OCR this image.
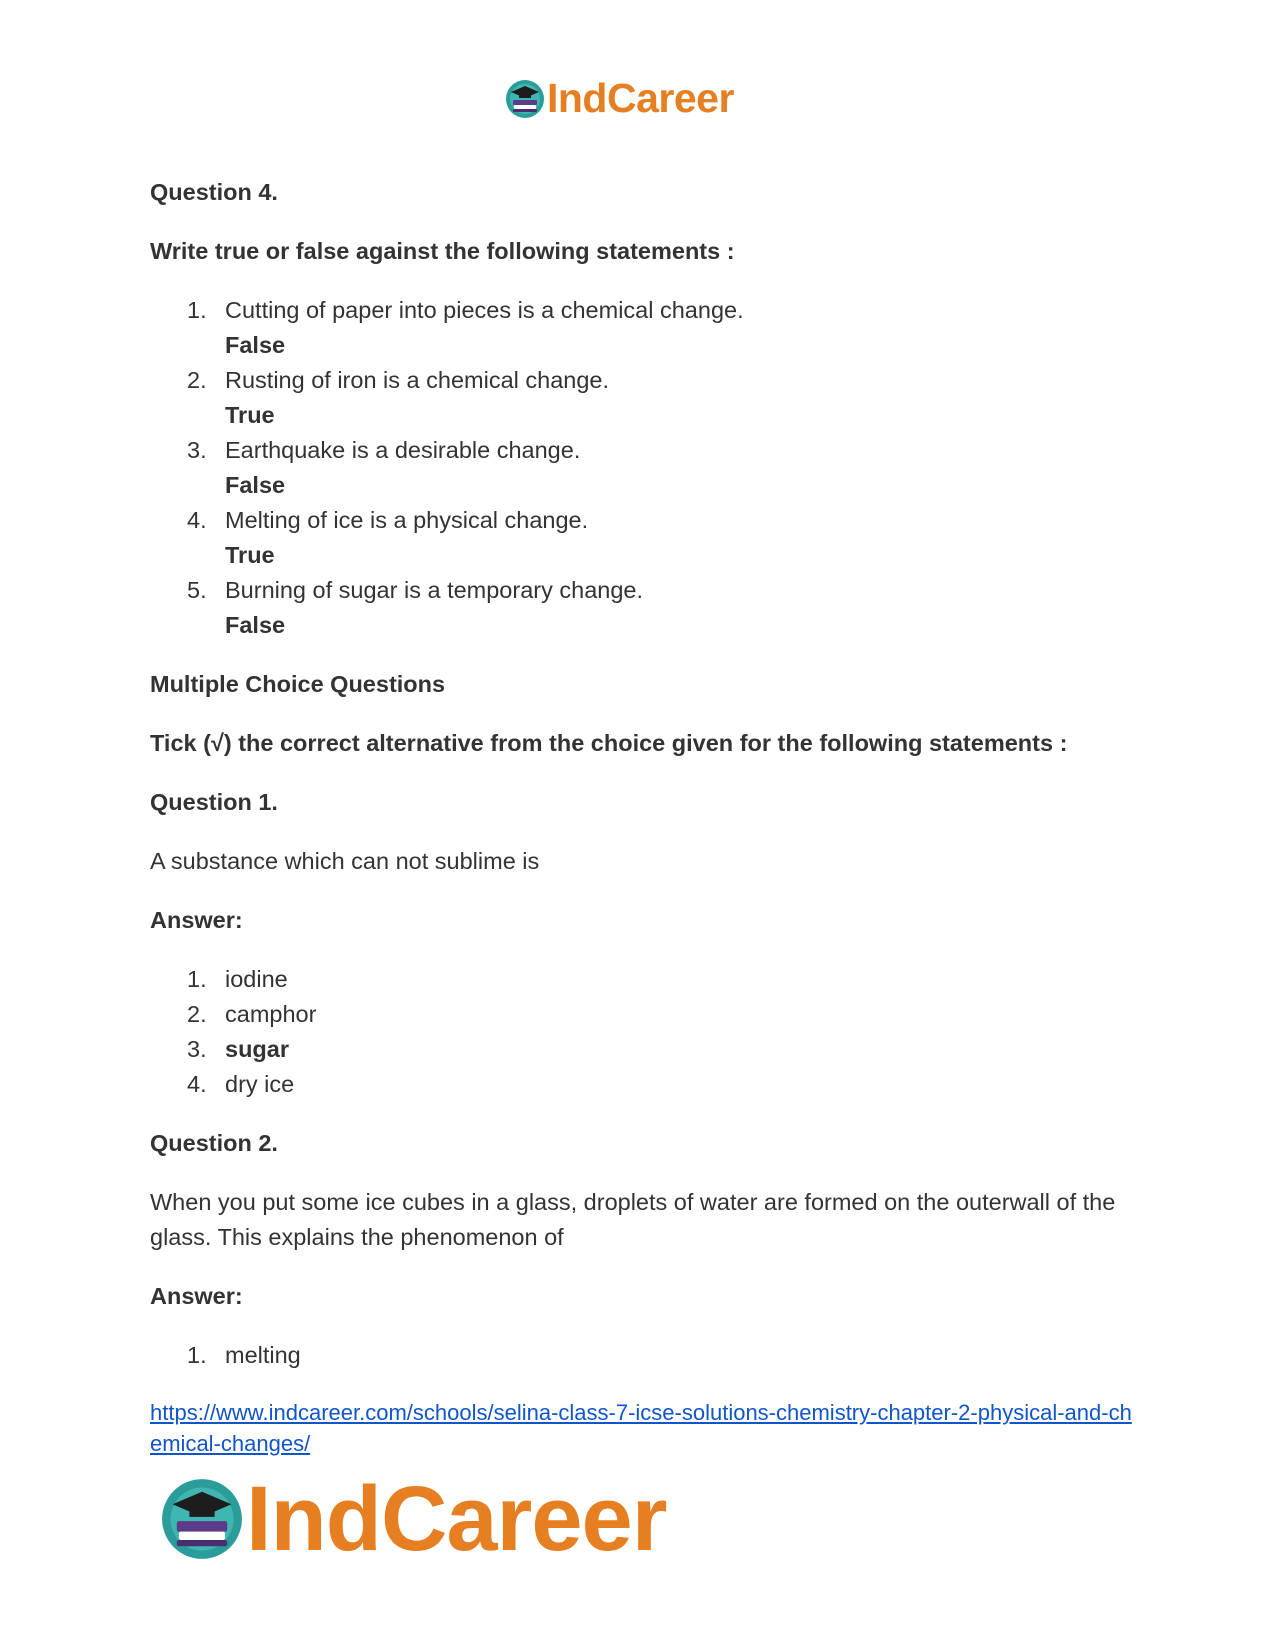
IndCareer

Question 4.

Write true or false against the following statements :

1. Cutting of paper into pieces is a chemical change.
False
2. Rusting of iron is a chemical change.
True
3. Earthquake is a desirable change.
False
4. Melting of ice is a physical change.
True
5. Burning of sugar is a temporary change.
False

Multiple Choice Questions

Tick (√) the correct alternative from the choice given for the following statements :

Question 1.

A substance which can not sublime is

Answer:

1. iodine
2. camphor
3. sugar
4. dry ice

Question 2.

When you put some ice cubes in a glass, droplets of water are formed on the outerwall of the glass. This explains the phenomenon of

Answer:

1. melting
https://www.indcareer.com/schools/selina-class-7-icse-solutions-chemistry-chapter-2-physical-and-chemical-changes/
IndCareer
